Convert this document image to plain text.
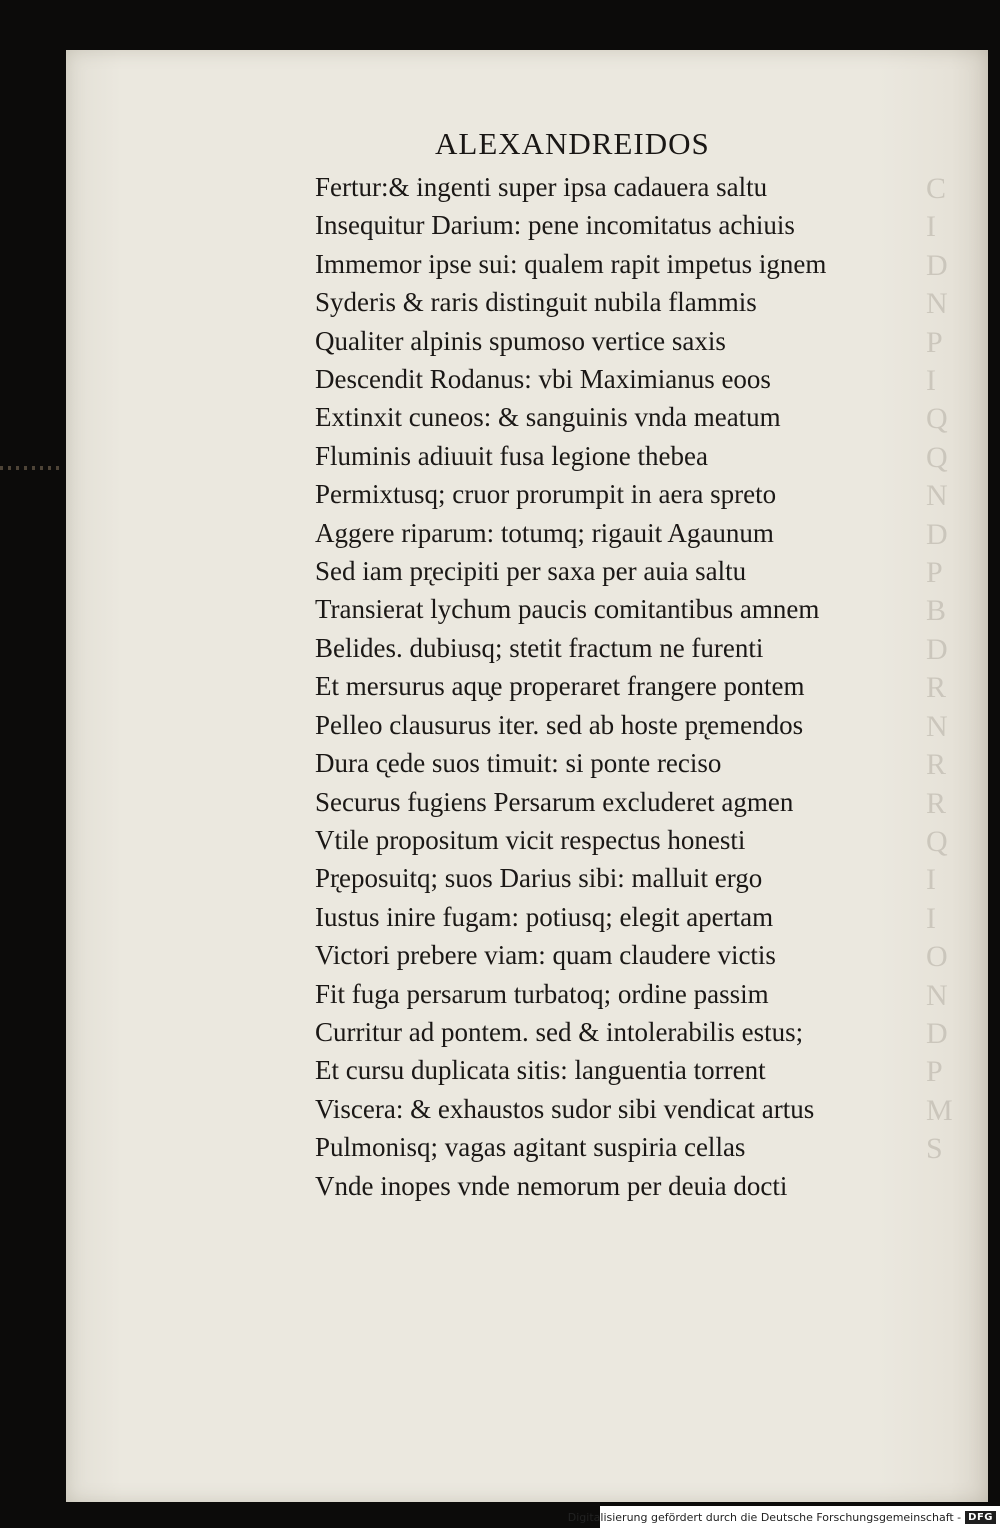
C
I
D
N
P
I
Q
Q
N
D
P
B
D
R
N
R
R
Q
I
I
O
N
D
P
M
S
ALEXANDREIDOS
Fertur:& ingenti super ipsa cadauera saltu
Insequitur Darium: pene incomitatus achiuis
Immemor ipse sui: qualem rapit impetus ignem
Syderis & raris distinguit nubila flammis
Qualiter alpinis spumoso vertice saxis
Descendit Rodanus: vbi Maximianus eoos
Extinxit cuneos: & sanguinis vnda meatum
Fluminis adiuuit fusa legione thebea
Permixtusq; cruor prorumpit in aera spreto
Aggere riparum: totumq; rigauit Agaunum
Sed iam pr̨ecipiti per saxa per auia saltu
Transierat lychum paucis comitantibus amnem
Belides. dubiusq; stetit fractum ne furenti
Et mersurus aqu̧e properaret frangere pontem
Pelleo clausurus iter. sed ab hoste pr̨emendos
Dura c̨ede suos timuit: si ponte reciso
Securus fugiens Persarum excluderet agmen
Vtile propositum vicit respectus honesti
Pr̨eposuitq; suos Darius sibi: malluit ergo
Iustus inire fugam: potiusq; elegit apertam
Victori prebere viam: quam claudere victis
Fit fuga persarum turbatoq; ordine passim
Curritur ad pontem. sed & intolerabilis estus;
Et cursu duplicata sitis: languentia torrent
Viscera: & exhaustos sudor sibi vendicat artus
Pulmonisq; vagas agitant suspiria cellas
Vnde inopes vnde nemorum per deuia docti
Digitalisierung gefördert durch die Deutsche Forschungsgemeinschaft - DFG
